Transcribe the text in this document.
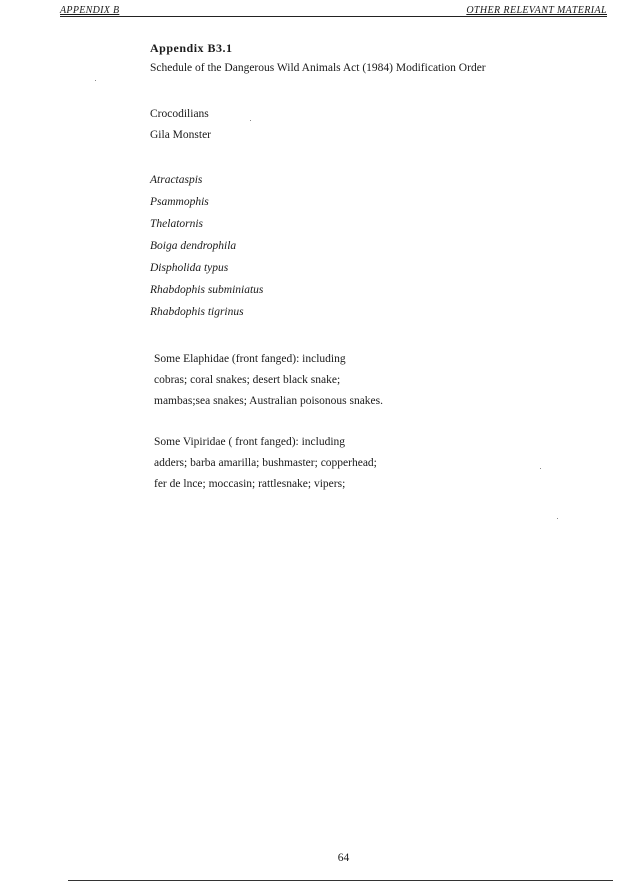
APPENDIX B	OTHER RELEVANT MATERIAL
Appendix B3.1
Schedule of the Dangerous Wild Animals Act (1984) Modification Order
Crocodilians
Gila Monster
Atractaspis
Psammophis
Thelatornis
Boiga dendrophila
Dispholida typus
Rhabdophis subminiatus
Rhabdophis tigrinus
Some Elaphidae (front fanged): including
cobras; coral snakes; desert black snake;
mambas;sea snakes; Australian poisonous snakes.
Some Vipiridae ( front fanged): including
adders; barba amarilla; bushmaster; copperhead;
fer de lnce; moccasin; rattlesnake; vipers;
64
